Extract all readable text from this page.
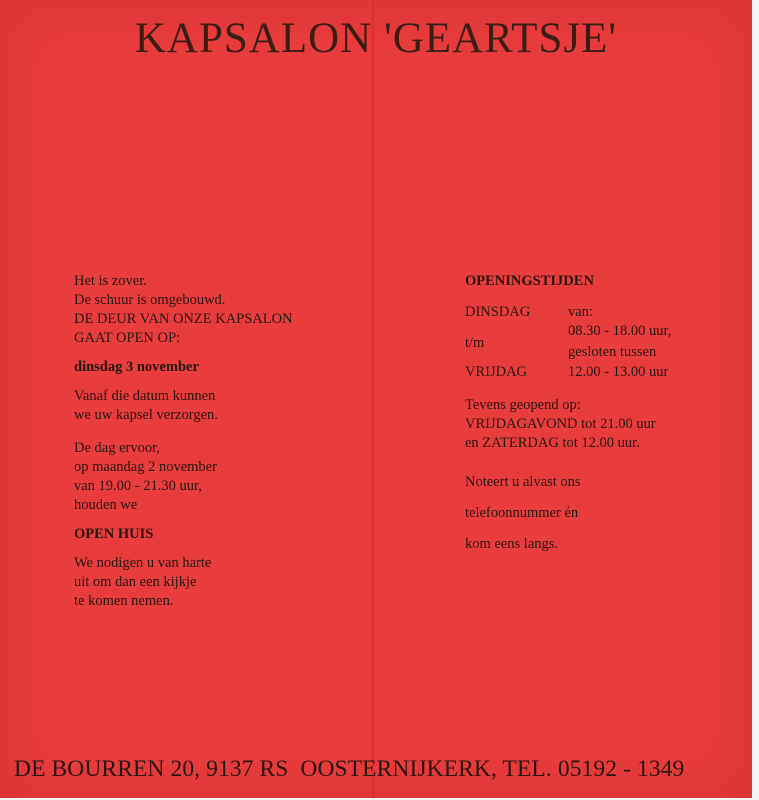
KAPSALON 'GEARTSJE'
Het is zover.
De schuur is omgebouwd.
DE DEUR VAN ONZE KAPSALON
GAAT OPEN OP:
dinsdag 3 november
Vanaf die datum kunnen
we uw kapsel verzorgen.
De dag ervoor,
op maandag 2 november
van 19.00 - 21.30 uur,
houden we
OPEN HUIS
We nodigen u van harte
uit om dan een kijkje
te komen nemen.
OPENINGSTIJDEN
DINSDAG
t/m
VRIJDAG
van:
08.30 - 18.00 uur,
gesloten tussen
12.00 - 13.00 uur
Tevens geopend op:
VRIJDAGAVOND tot 21.00 uur
en ZATERDAG tot 12.00 uur.
Noteert u alvast ons
telefoonnummer én
kom eens langs.
DE BOURREN 20, 9137 RS OOSTERNIJKERK, TEL. 05192 - 1349
